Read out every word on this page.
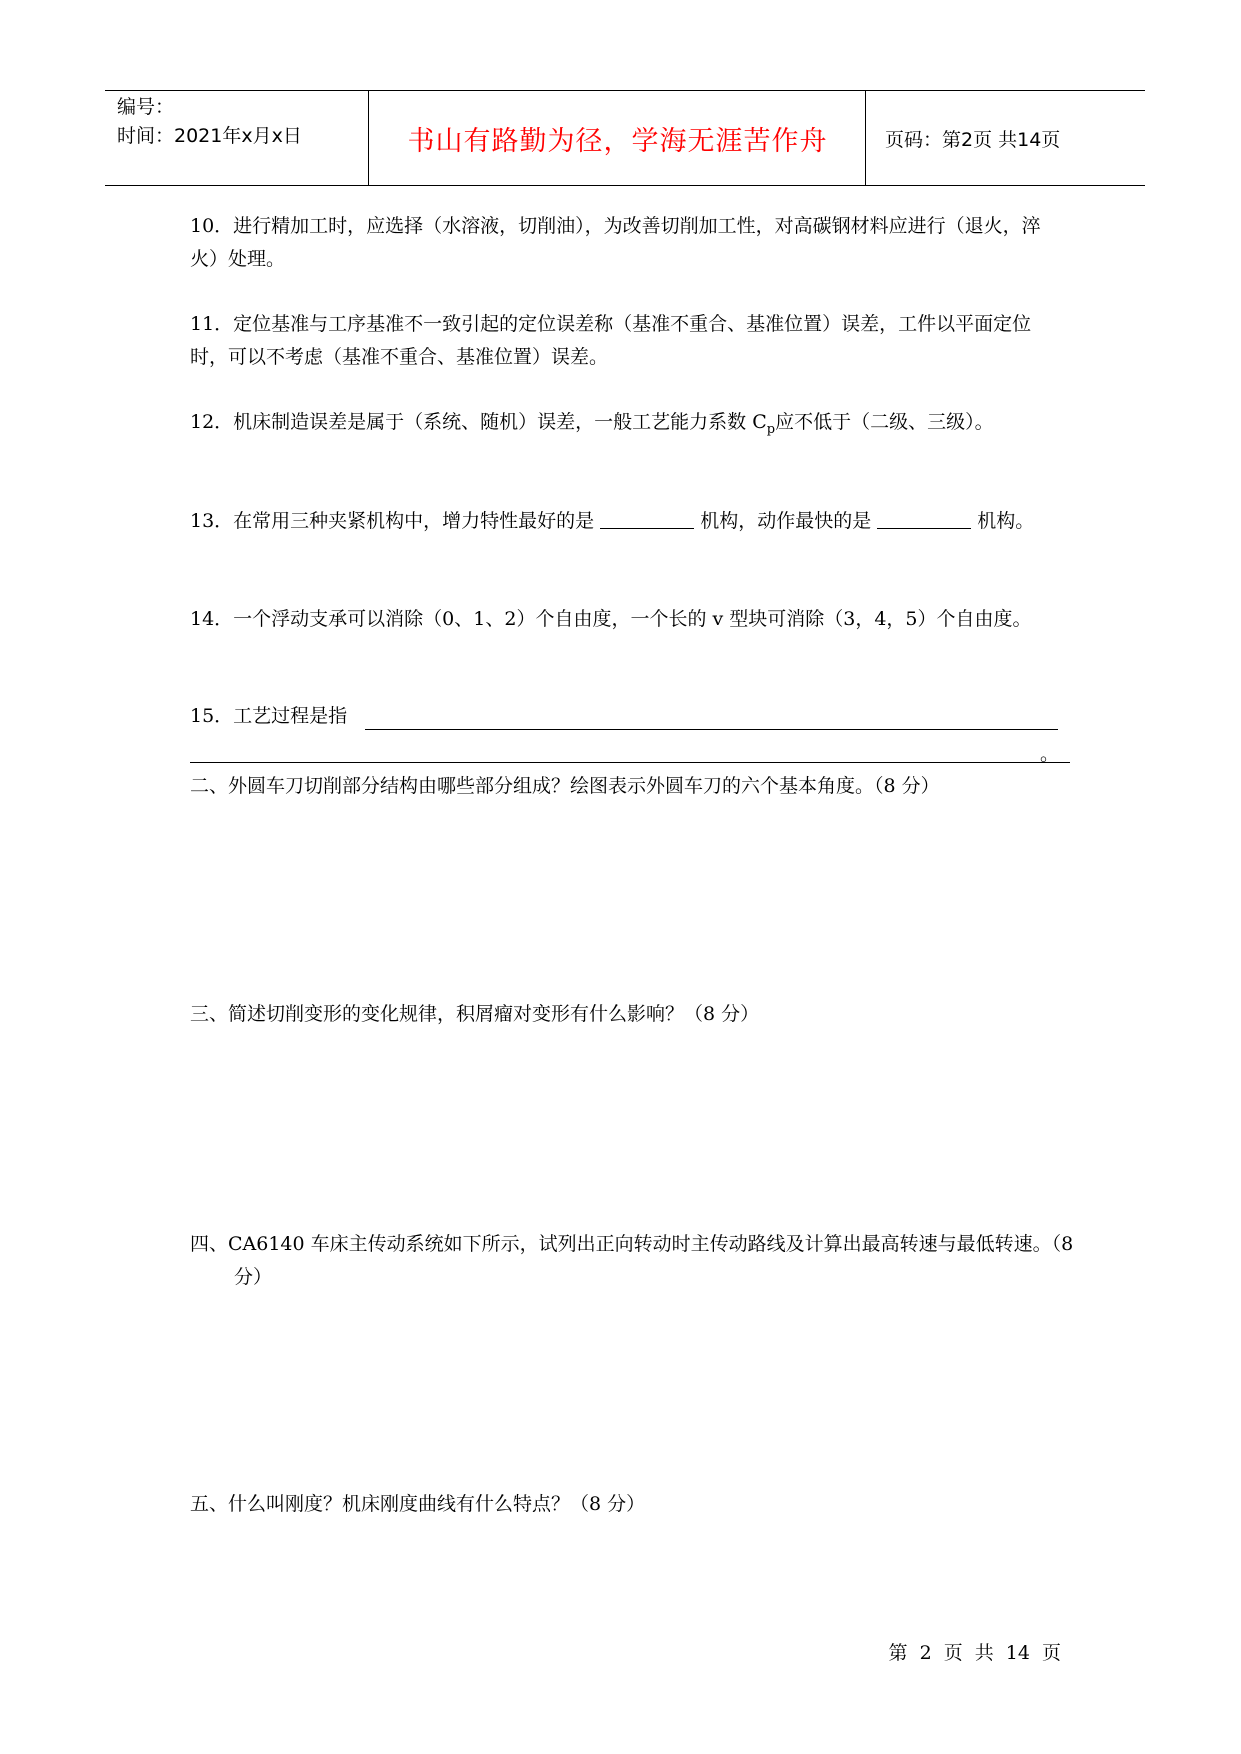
编号：
时间：2021年x月x日	书山有路勤为径，学海无涯苦作舟	页码：第2页 共14页
10．进行精加工时，应选择（水溶液，切削油），为改善切削加工性，对高碳钢材料应进行（退火，淬火）处理。
11．定位基准与工序基准不一致引起的定位误差称（基准不重合、基准位置）误差，工件以平面定位时，可以不考虑（基准不重合、基准位置）误差。
12．机床制造误差是属于（系统、随机）误差，一般工艺能力系数 $C_p$应不低于（二级、三级）。
13．在常用三种夹紧机构中，增力特性最好的是	机构，动作最快的是	机构。
14．一个浮动支承可以消除（0、1、2）个自由度，一个长的 v 型块可消除（3，4，5）个自由度。
15．工艺过程是指
。
二、外圆车刀切削部分结构由哪些部分组成？绘图表示外圆车刀的六个基本角度。（8 分）
三、简述切削变形的变化规律，积屑瘤对变形有什么影响？（8 分）
四、CA6140 车床主传动系统如下所示，试列出正向转动时主传动路线及计算出最高转速与最低转速。（8 分）
五、什么叫刚度？机床刚度曲线有什么特点？（8 分）
第 2 页 共 14 页
